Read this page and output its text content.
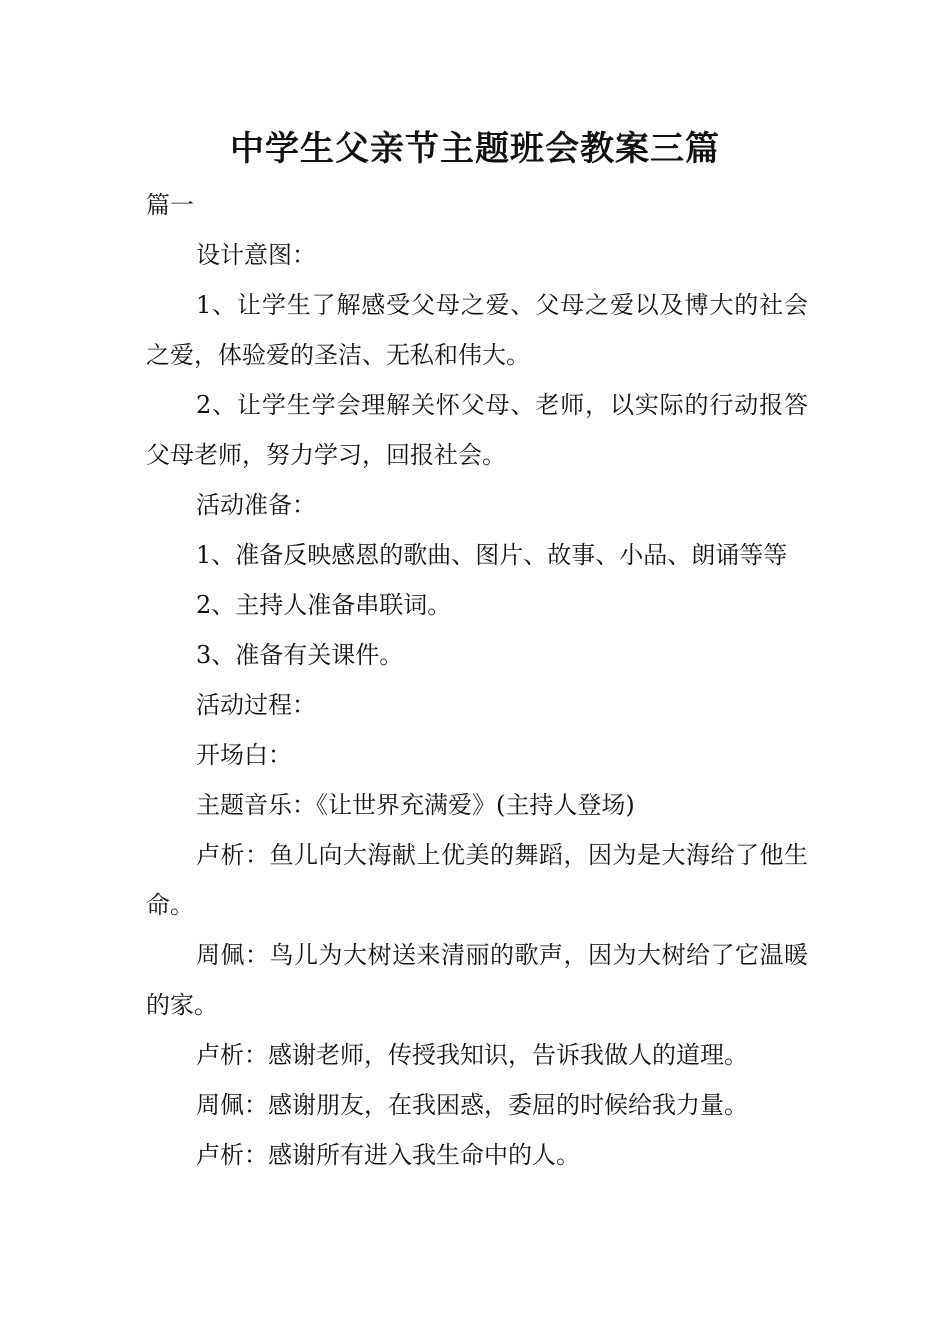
中学生父亲节主题班会教案三篇

篇一

设计意图：

1、让学生了解感受父母之爱、父母之爱以及博大的社会之爱，体验爱的圣洁、无私和伟大。

2、让学生学会理解关怀父母、老师，以实际的行动报答父母老师，努力学习，回报社会。

活动准备：

1、准备反映感恩的歌曲、图片、故事、小品、朗诵等等

2、主持人准备串联词。

3、准备有关课件。

活动过程：

开场白：

主题音乐：《让世界充满爱》(主持人登场)

卢析：鱼儿向大海献上优美的舞蹈，因为是大海给了他生命。

周佩：鸟儿为大树送来清丽的歌声，因为大树给了它温暖的家。

卢析：感谢老师，传授我知识，告诉我做人的道理。

周佩：感谢朋友，在我困惑，委屈的时候给我力量。

卢析：感谢所有进入我生命中的人。
